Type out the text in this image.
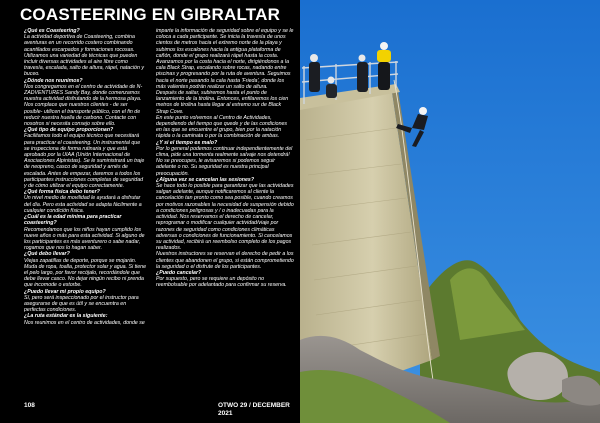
COASTEERING EN GIBRALTAR

¿Qué es Coasteering?

La actividad deportiva de Coasteering, combina aventuras en un recorrido costero combinando acantilados escarpados y formaciones rocosas. Utilizamos una variedad de técnicas que pueden incluir diversas actividades al aire libre como travesía, escalada, salto de altura, rápel, natación y buceo.

¿Dónde nos reunimos?

Nos congregamos en el centro de actividade de N-ZADVENTURES Sandy Bay, donde comenzamos nuestra actividad disfrutando de la hermosa playa. Nos complace que nuestros clientes - de ser posible- utilicen el transporte público, con el fin de reducir nuestra huella de carbono. Contacte con nosotros si necesita consejo sobre ello.

¿Qué tipo de equipo proporcionan?

Facilitamos todo el equipo técnico que necesitará para practicar el coasteering. Un instrumental que se inspecciona de forma rutinaria y que está aprobado por la UIAA (Unión Internacional de Asociaciones Alpinistas). Se le suministrará un traje de neopreno, casco de seguridad y arnés de escalada. Antes de empezar, daremos a todos los participantes instrucciones completas de seguridad y de cómo utilizar el equipo correctamente.

¿Qué forma física debo tener?

Un nivel medio de movilidad le ayudará a disfrutar del día. Pero esta actividad se adapta fácilmente a cualquier condición física.

¿Cuál es la edad mínima para practicar coasteering?

Recomendamos que los niños hayan cumplido los nueve años o más para esta actividad. Si alguno de los participantes es más aventurero o sabe nadar, rogamos que nos lo hagan saber.

¿Qué debo llevar?

Viejas zapatillas de deporte, porque se mojarán. Muda de ropa, toalla, protector solar y agua. Si tiene el pelo largo, por favor recójalo, recordándole que debe llevar casco. No dejar ningún recibo ni prenda que incomode o estorbe.

¿Puedo llevar mi propio equipo?

Sí, pero será inspeccionado por el instructor para asegurarse de que es útil y se encuentra en perfectas condiciones.

¿La ruta estándar es la siguiente:

Nos reunimos en el centro de actividades, donde se

imparte la información de seguridad sobre el equipo y se le coloca a cada participante. Se inicia la travesía de unos cientos de metros hacia el extremo norte de la playa y subimos los escalones hacia la antigua plataforma de cañón, donde el grupo realizará rápel hasta la costa.

Avanzamos por la costa hacia el norte, dirigiéndonos a la cala Black Strap, escalando sobre rocas, nadando entre piscinas y progresando por la ruta de aventura. Seguimos hacia el norte pasando la cala hasta 'Frieda', donde los más valientes podrán realizar un salto de altura.

Después de saltar, subiremos hasta el punto de lanzamiento de la tirolina. Entonces, enfilaremos los cien metros de tirolina hasta llegar al extremo sur de Black Strap Cove.

En este punto volvemos al Centro de Actividades, dependiendo del tiempo que quede y de las condiciones en las que se encuentre el grupo, bien por la natación rápida o la caminata o por la combinación de ambas.

¿Y si el tiempo es malo?

Por lo general podemos continuar independientemente del clima, pide una tormenta realmente salvaje nos detendrá! No se preocupes, le avisaremos si podemos seguir adelante o no. Su seguridad es nuestra principal preocupación.

¿Alguna vez se cancelan las sesiones?

Se hace todo lo posible para garantizar que las actividades salgan adelante, aunque notificaremos al cliente la cancelación tan pronto como sea posible, cuando creamos por motivos razonables la necesidad de suspensión debido a condiciones peligrosas y / o inadecuadas para la actividad. Nos reservamos el derecho de cancelar, reprogramar o modificar cualquier actividad/viaje por razones de seguridad como condiciones climáticas adversas o condiciones de funcionamiento. Si cancelamos su actividad, recibirá un reembolso completo de los pagos realizados.

Nuestros instructores se reservan el derecho de pedir a los clientes que abandonen el grupo, si están comprometiendo la seguridad o el disfrute de los participantes.

¿Puedo cancelar?

Por supuesto, pero se requiere un depósito no reembolsable por adelantado para confirmar su reserva.

108	OTWO 29 / DECEMBER 2021
